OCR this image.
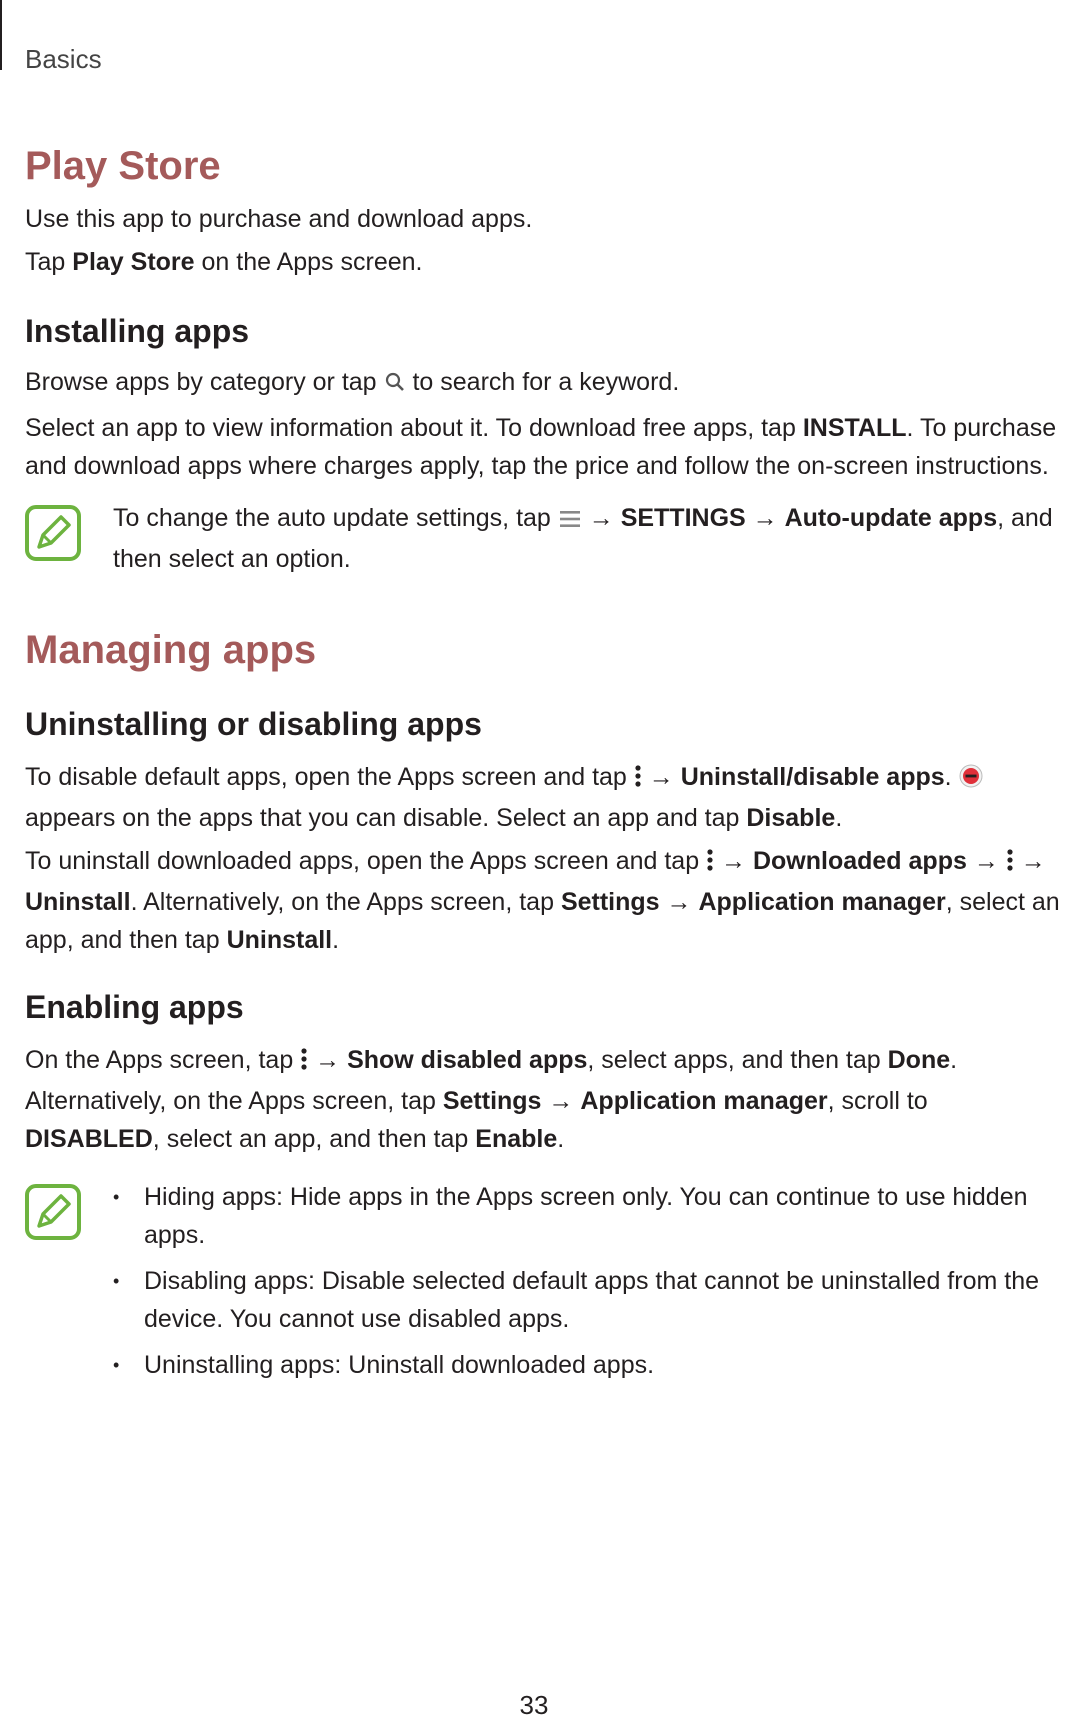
Basics
Play Store

Use this app to purchase and download apps.

Tap Play Store on the Apps screen.

Installing apps

Browse apps by category or tap  to search for a keyword.

Select an app to view information about it. To download free apps, tap INSTALL. To purchase and download apps where charges apply, tap the price and follow the on-screen instructions.

To change the auto update settings, tap  → SETTINGS → Auto-update apps, and then select an option.

Managing apps
Uninstalling or disabling apps

To disable default apps, open the Apps screen and tap  → Uninstall/disable apps.  appears on the apps that you can disable. Select an app and tap Disable.

To uninstall downloaded apps, open the Apps screen and tap  → Downloaded apps →  → Uninstall. Alternatively, on the Apps screen, tap Settings → Application manager, select an app, and then tap Uninstall.

Enabling apps

On the Apps screen, tap  → Show disabled apps, select apps, and then tap Done. Alternatively, on the Apps screen, tap Settings → Application manager, scroll to DISABLED, select an app, and then tap Enable.

• Hiding apps: Hide apps in the Apps screen only. You can continue to use hidden apps.
• Disabling apps: Disable selected default apps that cannot be uninstalled from the device. You cannot use disabled apps.
• Uninstalling apps: Uninstall downloaded apps.
33
